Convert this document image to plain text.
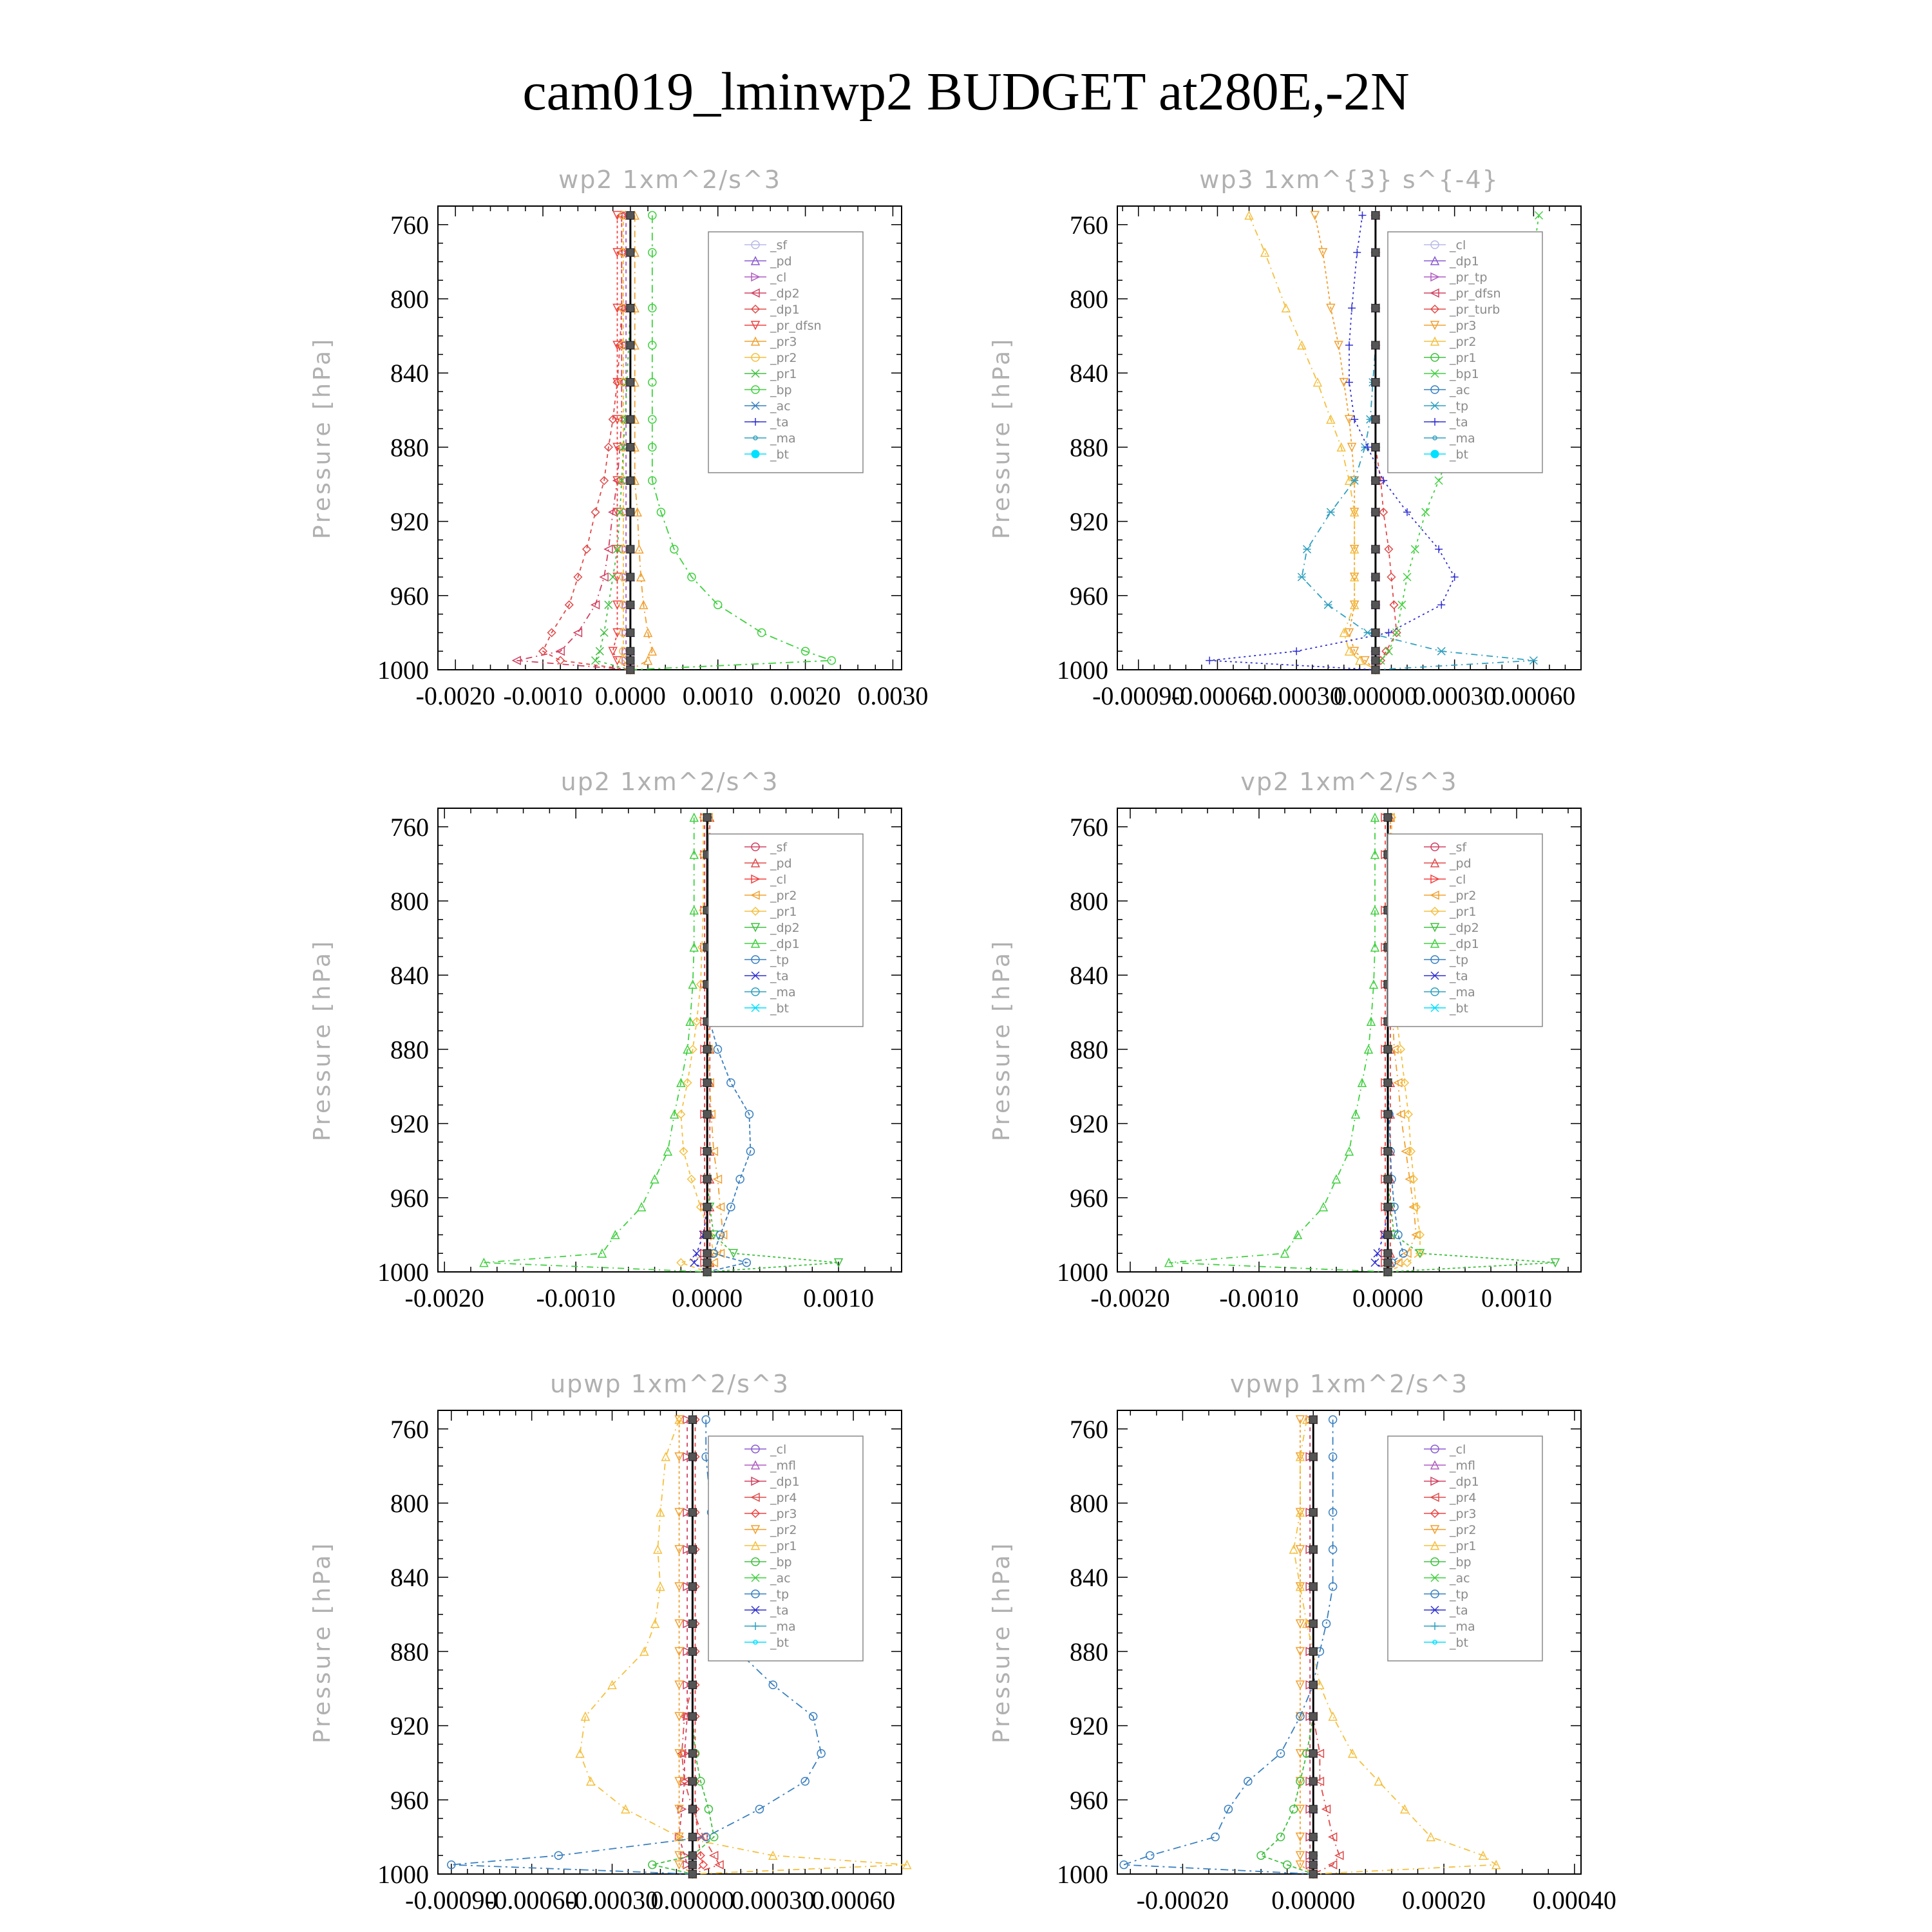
cam019_lminwp2 BUDGET at280E,-2N
wp2 1xm^2/s^3
Pressure [hPa]
760
800
840
880
920
960
1000
-0.0020 -0.0010 0.0000 0.0010 0.0020 0.0030
_sf
_pd
_cl
_dp2
_dp1
_pr_dfsn
_pr3
_pr2
_pr1
_bp
_ac
_ta
_ma
_bt
wp3 1xm^{3} s^{-4}
Pressure [hPa]
760
800
840
880
920
960
1000
-0.00090
-0.00060
-0.00030
0.00000
0.00030
0.00060
_cl
_dp1
_pr_tp
_pr_dfsn
_pr_turb
_pr3
_pr2
_pr1
_bp1
_ac
_tp
_ta
_ma
_bt
up2 1xm^2/s^3
Pressure [hPa]
760
800
840
880
920
960
1000
-0.0020 -0.0010 0.0000 0.0010
_sf
_pd
_cl
_pr2
_pr1
_dp2
_dp1
_tp
_ta
_ma
_bt
vp2 1xm^2/s^3
Pressure [hPa]
760
800
840
880
920
960
1000
-0.0020 -0.0010 0.0000 0.0010
_sf
_pd
_cl
_pr2
_pr1
_dp2
_dp1
_tp
_ta
_ma
_bt
upwp 1xm^2/s^3
Pressure [hPa]
760
800
840
880
920
960
1000
-0.00090
-0.00060
-0.00030
0.00000
0.00030
0.00060
_cl
_mfl
_dp1
_pr4
_pr3
_pr2
_pr1
_bp
_ac
_tp
_ta
_ma
_bt
vpwp 1xm^2/s^3
Pressure [hPa]
760
800
840
880
920
960
1000
-0.00020 0.00000 0.00020 0.00040
_cl
_mfl
_dp1
_pr4
_pr3
_pr2
_pr1
_bp
_ac
_tp
_ta
_ma
_bt
